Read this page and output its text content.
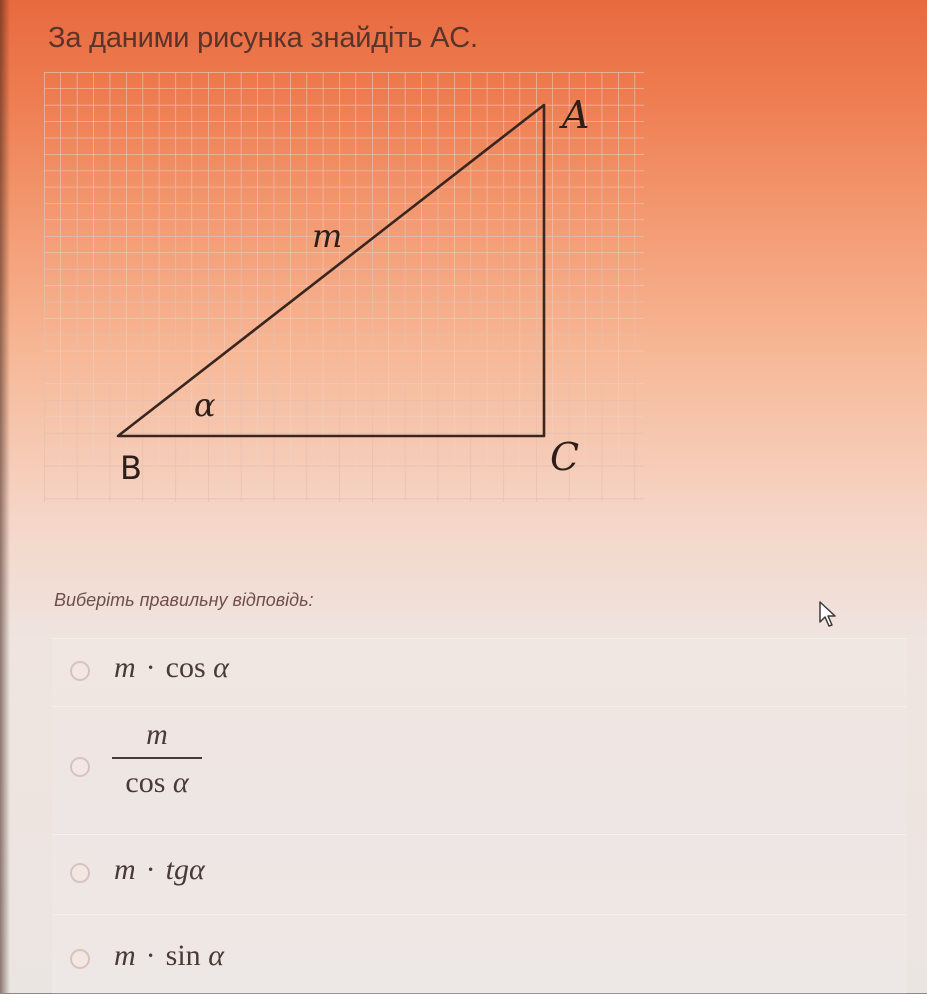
За даними рисунка знайдіть AC.
A
B	C
m
α
Виберіть правильну відповідь:
m · cos α
m
cos α
m · tgα
m · sin α
